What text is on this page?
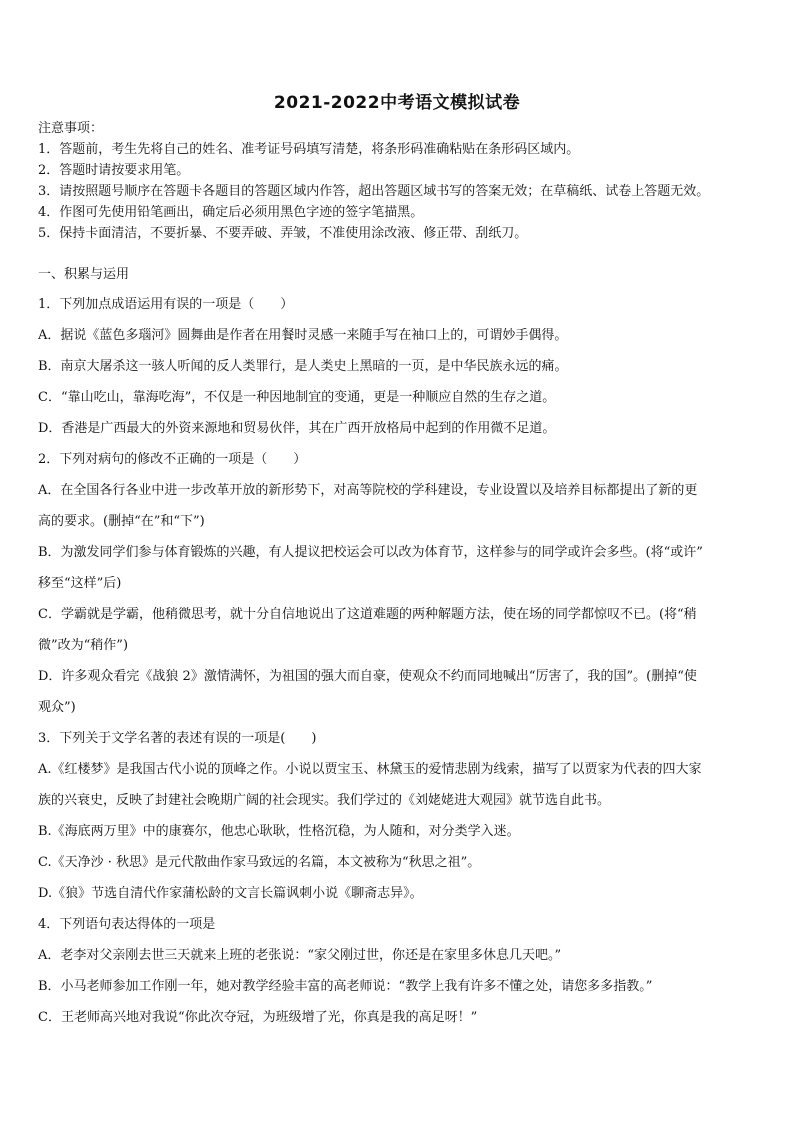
2021-2022中考语文模拟试卷
注意事项：
1．答题前，考生先将自己的姓名、准考证号码填写清楚，将条形码准确粘贴在条形码区域内。
2．答题时请按要求用笔。
3．请按照题号顺序在答题卡各题目的答题区域内作答，超出答题区域书写的答案无效；在草稿纸、试卷上答题无效。
4．作图可先使用铅笔画出，确定后必须用黑色字迹的签字笔描黑。
5．保持卡面清洁，不要折暴、不要弄破、弄皱，不准使用涂改液、修正带、刮纸刀。
一、积累与运用
1．下列加点成语运用有误的一项是（　　）
A．据说《蓝色多瑙河》圆舞曲是作者在用餐时灵感一来随手写在袖口上的，可谓妙手偶得。
B．南京大屠杀这一骇人听闻的反人类罪行，是人类史上黑暗的一页，是中华民族永远的痛。
C．“靠山吃山，靠海吃海”，不仅是一种因地制宜的变通，更是一种顺应自然的生存之道。
D．香港是广西最大的外资来源地和贸易伙伴，其在广西开放格局中起到的作用微不足道。
2．下列对病句的修改不正确的一项是（　　）
A．在全国各行各业中进一步改革开放的新形势下，对高等院校的学科建设，专业设置以及培养目标都提出了新的更
高的要求。(删掉“在”和“下”)
B．为激发同学们参与体育锻炼的兴趣，有人提议把校运会可以改为体育节，这样参与的同学或许会多些。(将“或许”
移至“这样”后)
C．学霸就是学霸，他稍微思考，就十分自信地说出了这道难题的两种解题方法，使在场的同学都惊叹不已。(将“稍
微”改为“稍作”)
D．许多观众看完《战狼 2》激情满怀，为祖国的强大而自豪，使观众不约而同地喊出“厉害了，我的国”。(删掉“使
观众”)
3．下列关于文学名著的表述有误的一项是(　　)
A.《红楼梦》是我国古代小说的顶峰之作。小说以贾宝玉、林黛玉的爱情悲剧为线索，描写了以贾家为代表的四大家
族的兴衰史，反映了封建社会晚期广阔的社会现实。我们学过的《刘姥姥进大观园》就节选自此书。
B.《海底两万里》中的康赛尔，他忠心耿耿，性格沉稳，为人随和，对分类学入迷。
C.《天净沙 · 秋思》是元代散曲作家马致远的名篇，本文被称为“秋思之祖”。
D.《狼》节选自清代作家蒲松龄的文言长篇讽刺小说《聊斋志异》。
4．下列语句表达得体的一项是
A．老李对父亲刚去世三天就来上班的老张说：“家父刚过世，你还是在家里多休息几天吧。”
B．小马老师参加工作刚一年，她对教学经验丰富的高老师说：“教学上我有许多不懂之处，请您多多指教。”
C．王老师高兴地对我说“你此次夺冠，为班级增了光，你真是我的高足呀！”
